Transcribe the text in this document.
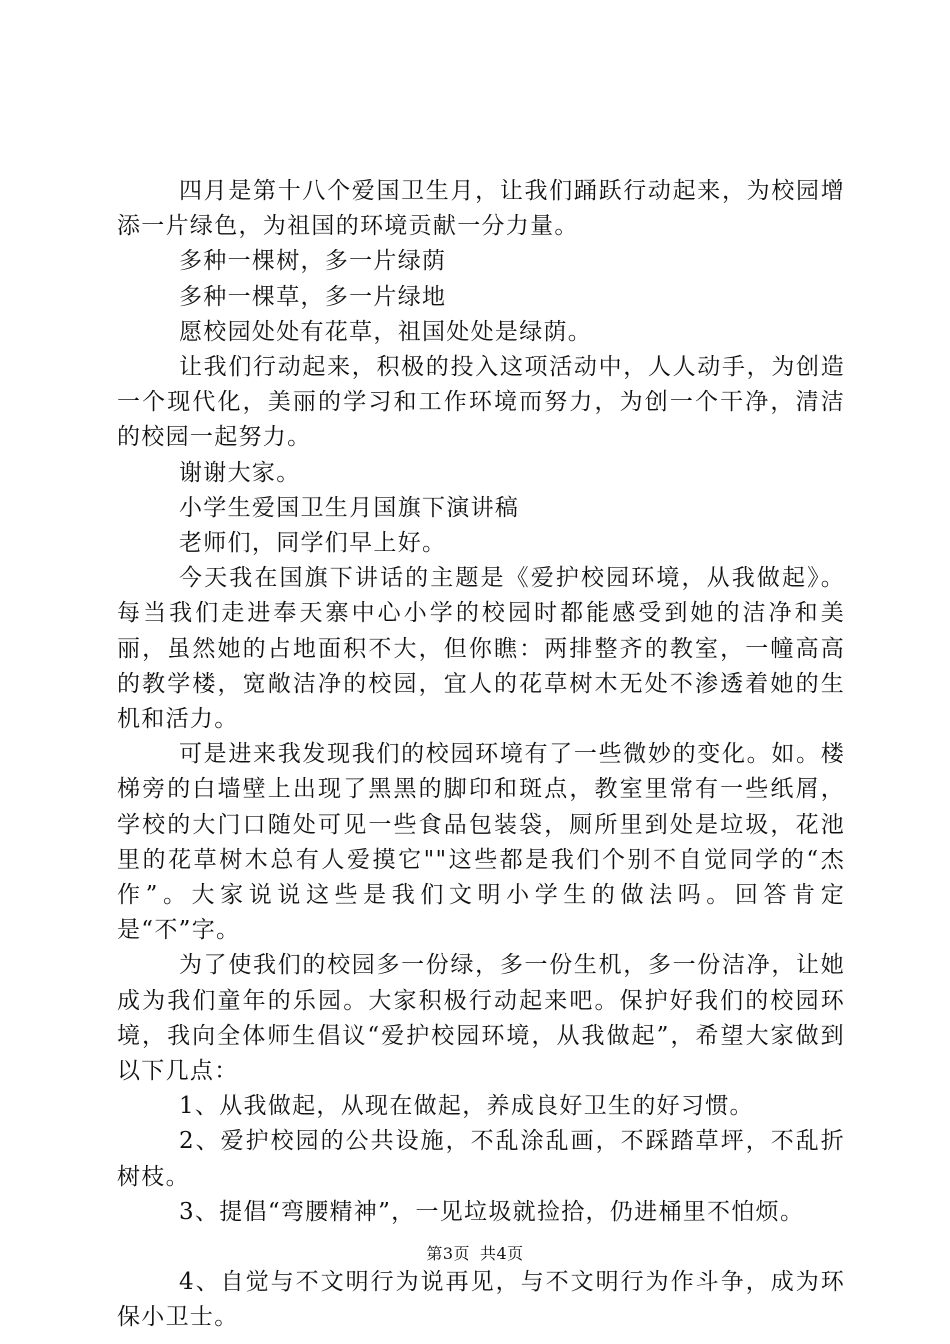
四月是第十八个爱国卫生月，让我们踊跃行动起来，为校园增添一片绿色，为祖国的环境贡献一分力量。

多种一棵树，多一片绿荫

多种一棵草，多一片绿地

愿校园处处有花草，祖国处处是绿荫。

让我们行动起来，积极的投入这项活动中，人人动手，为创造一个现代化，美丽的学习和工作环境而努力，为创一个干净，清洁的校园一起努力。

谢谢大家。

小学生爱国卫生月国旗下演讲稿

老师们，同学们早上好。

今天我在国旗下讲话的主题是《爱护校园环境，从我做起》。每当我们走进奉天寨中心小学的校园时都能感受到她的洁净和美丽，虽然她的占地面积不大，但你瞧：两排整齐的教室，一幢高高的教学楼，宽敞洁净的校园，宜人的花草树木无处不渗透着她的生机和活力。

可是进来我发现我们的校园环境有了一些微妙的变化。如。楼梯旁的白墙壁上出现了黑黑的脚印和斑点，教室里常有一些纸屑，学校的大门口随处可见一些食品包装袋，厕所里到处是垃圾，花池里的花草树木总有人爱摸它""这些都是我们个别不自觉同学的“杰作”。大家说说这些是我们文明小学生的做法吗。回答肯定是“不”字。

为了使我们的校园多一份绿，多一份生机，多一份洁净，让她成为我们童年的乐园。大家积极行动起来吧。保护好我们的校园环境，我向全体师生倡议“爱护校园环境，从我做起”，希望大家做到以下几点：

1、从我做起，从现在做起，养成良好卫生的好习惯。

2、爱护校园的公共设施，不乱涂乱画，不踩踏草坪，不乱折树枝。

3、提倡“弯腰精神”，一见垃圾就捡拾，仍进桶里不怕烦。

4、自觉与不文明行为说再见，与不文明行为作斗争，成为环保小卫士。

第3页 共4页
